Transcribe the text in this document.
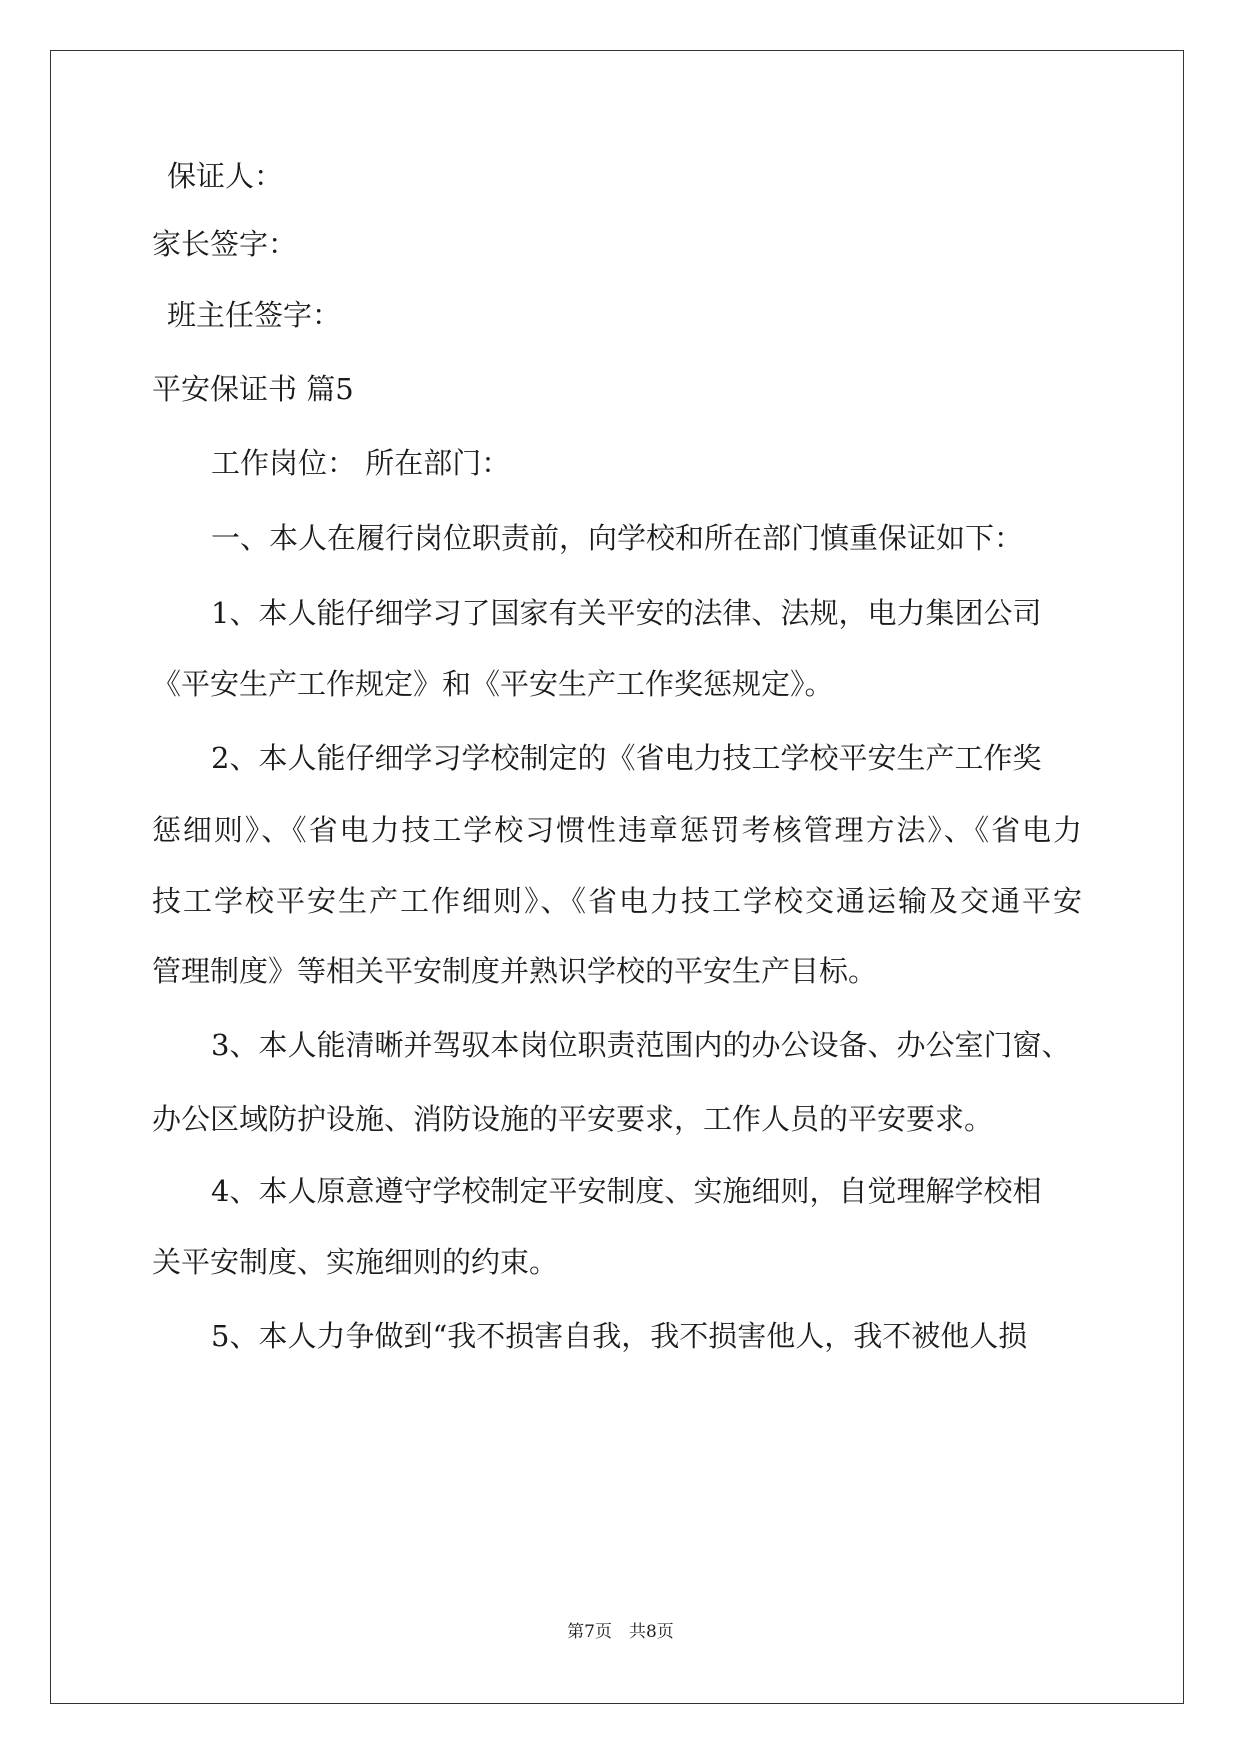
保证人：
家长签字：
班主任签字：
平安保证书 篇5
工作岗位： 所在部门：
一、本人在履行岗位职责前，向学校和所在部门慎重保证如下：
1、本人能仔细学习了国家有关平安的法律、法规，电力集团公司
《平安生产工作规定》和《平安生产工作奖惩规定》。
2、本人能仔细学习学校制定的《省电力技工学校平安生产工作奖
惩细则》、《省电力技工学校习惯性违章惩罚考核管理方法》、《省电力
技工学校平安生产工作细则》、《省电力技工学校交通运输及交通平安
管理制度》等相关平安制度并熟识学校的平安生产目标。
3、本人能清晰并驾驭本岗位职责范围内的办公设备、办公室门窗、
办公区域防护设施、消防设施的平安要求，工作人员的平安要求。
4、本人原意遵守学校制定平安制度、实施细则，自觉理解学校相
关平安制度、实施细则的约束。
5、本人力争做到“我不损害自我，我不损害他人，我不被他人损
第7页　共8页
